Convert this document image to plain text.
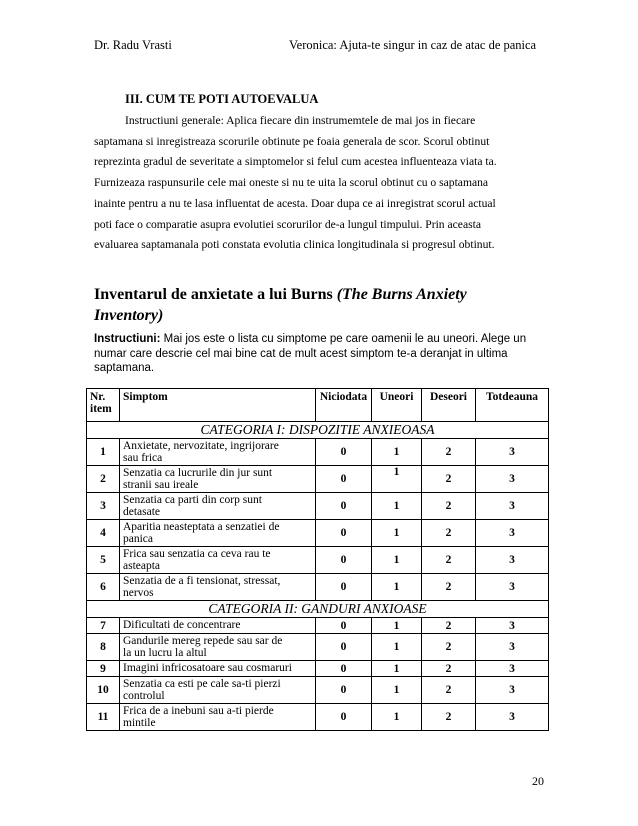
Dr. Radu Vrasti	Veronica: Ajuta-te singur in caz de atac de panica
III. CUM TE POTI AUTOEVALUA
Instructiuni generale: Aplica fiecare din instrumemtele de mai jos in fiecare
saptamana si inregistreaza scorurile obtinute pe foaia generala de scor. Scorul obtinut
reprezinta gradul de severitate a simptomelor si felul cum acestea influenteaza viata ta.
Furnizeaza raspunsurile cele mai oneste si nu te uita la scorul obtinut cu o saptamana
inainte pentru a nu te lasa influentat de acesta. Doar dupa ce ai inregistrat scorul actual
poti face o comparatie asupra evolutiei scorurilor de-a lungul timpului. Prin aceasta
evaluarea saptamanala poti constata evolutia clinica longitudinala si progresul obtinut.
Inventarul de anxietate a lui Burns (The Burns Anxiety
Inventory)
Instructiuni: Mai jos este o lista cu simptome pe care oamenii le au uneori. Alege un
numar care descrie cel mai bine cat de mult acest simptom te-a deranjat in ultima
saptamana.
Nr.
item	Simptom	Niciodata	Uneori	Deseori	Totdeauna
CATEGORIA I: DISPOZITIE ANXIEOASA					
1	Anxietate, nervozitate, ingrijorare
sau frica	0	1	2	3
2	Senzatia ca lucrurile din jur sunt
stranii sau ireale	0	1	2	3
3	Senzatia ca parti din corp sunt
detasate	0	1	2	3
4	Aparitia neasteptata a senzatiei de
panica	0	1	2	3
5	Frica sau senzatia ca ceva rau te
asteapta	0	1	2	3
6	Senzatia de a fi tensionat, stressat,
nervos	0	1	2	3
CATEGORIA II: GANDURI ANXIOASE					
7	Dificultati de concentrare	0	1	2	3
8	Gandurile mereg repede sau sar de
la un lucru la altul	0	1	2	3
9	Imagini infricosatoare sau cosmaruri	0	1	2	3
10	Senzatia ca esti pe cale sa-ti pierzi
controlul	0	1	2	3
11	Frica de a inebuni sau a-ti pierde
mintile	0	1	2	3
20
